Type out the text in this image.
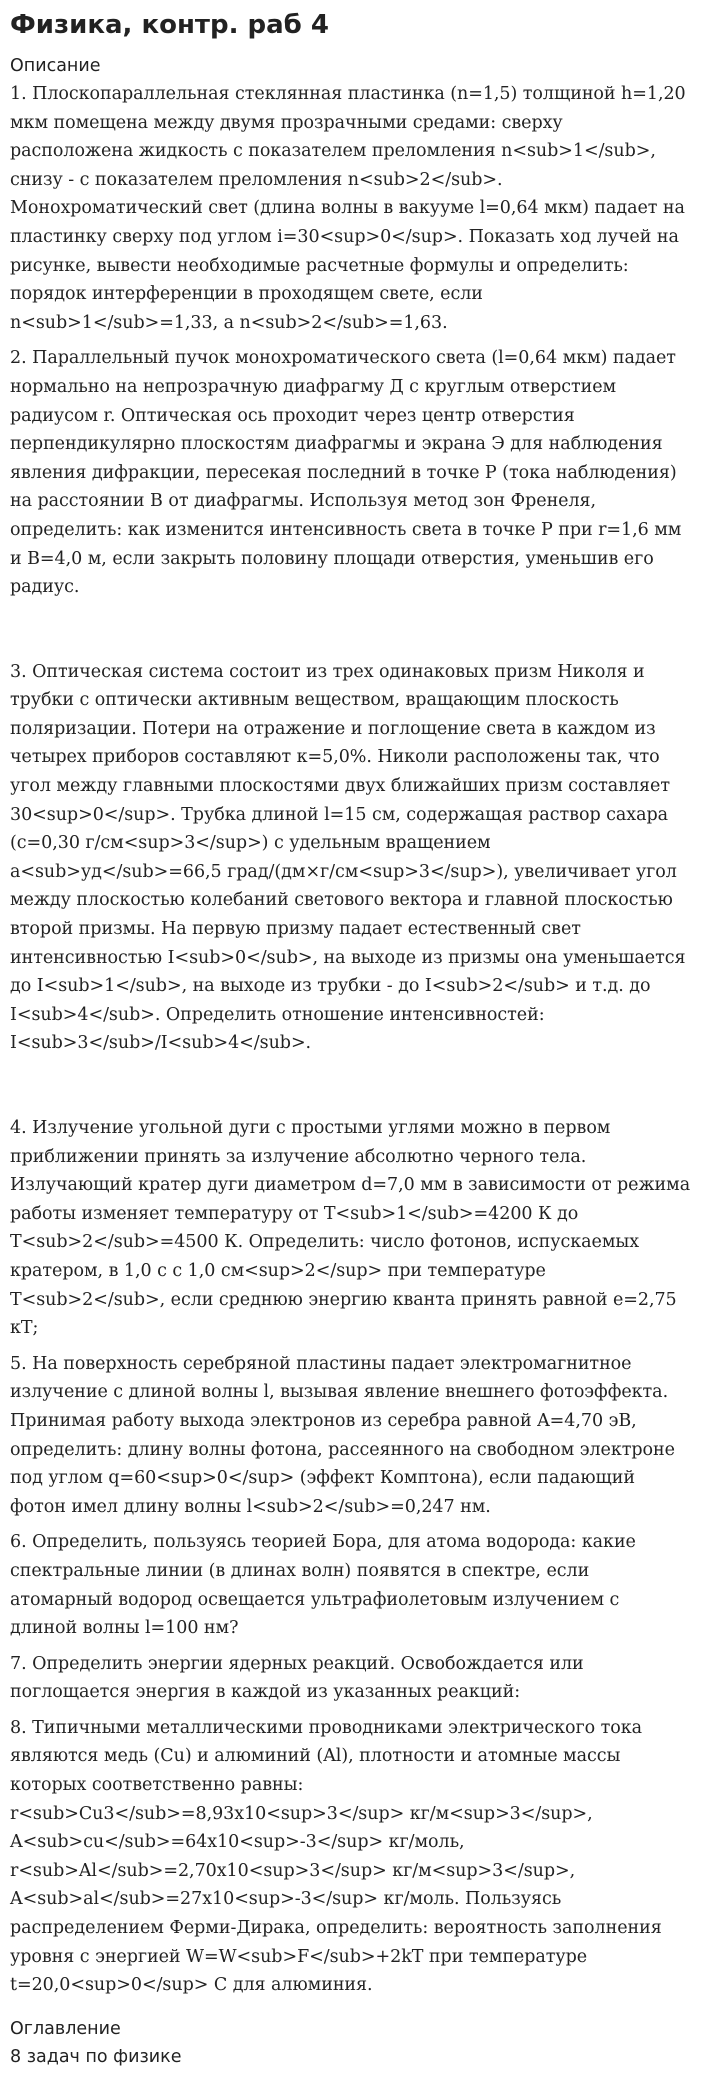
Физика, контр. раб 4

Описание

1. Плоскопараллельная стеклянная пластинка (n=1,5) толщиной h=1,20 мкм помещена между двумя прозрачными средами: сверху расположена жидкость с показателем преломления n<sub>1</sub>, снизу - с показателем преломления n<sub>2</sub>. Монохроматический свет (длина волны в вакууме l=0,64 мкм) падает на пластинку сверху под углом i=30<sup>0</sup>. Показать ход лучей на рисунке, вывести необходимые расчетные формулы и определить: порядок интерференции в проходящем свете, если n<sub>1</sub>=1,33, а n<sub>2</sub>=1,63.

2. Параллельный пучок монохроматического света (l=0,64 мкм) падает нормально на непрозрачную диафрагму Д с круглым отверстием радиусом r. Оптическая ось проходит через центр отверстия перпендикулярно плоскостям диафрагмы и экрана Э для наблюдения явления дифракции, пересекая последний в точке P (тока наблюдения) на расстоянии B от диафрагмы. Используя метод зон Френеля, определить: как изменится интенсивность света в точке P при r=1,6 мм и B=4,0 м, если закрыть половину площади отверстия, уменьшив его радиус.

3. Оптическая система состоит из трех одинаковых призм Николя и трубки с оптически активным веществом, вращающим плоскость поляризации. Потери на отражение и поглощение света в каждом из четырех приборов составляют к=5,0%. Николи расположены так, что угол между главными плоскостями двух ближайших призм составляет 30<sup>0</sup>. Трубка длиной l=15 см, содержащая раствор сахара (c=0,30 г/см<sup>3</sup>) с удельным вращением a<sub>уд</sub>=66,5 град/(дм×г/см<sup>3</sup>), увеличивает угол между плоскостью колебаний светового вектора и главной плоскостью второй призмы. На первую призму падает естественный свет интенсивностью I<sub>0</sub>, на выходе из призмы она уменьшается до I<sub>1</sub>, на выходе из трубки - до I<sub>2</sub> и т.д. до I<sub>4</sub>. Определить отношение интенсивностей: I<sub>3</sub>/I<sub>4</sub>.

4. Излучение угольной дуги с простыми углями можно в первом приближении принять за излучение абсолютно черного тела. Излучающий кратер дуги диаметром d=7,0 мм в зависимости от режима работы изменяет температуру от T<sub>1</sub>=4200 К до T<sub>2</sub>=4500 К. Определить: число фотонов, испускаемых кратером, в 1,0 с с 1,0 см<sup>2</sup> при температуре T<sub>2</sub>, если среднюю энергию кванта принять равной e=2,75 кТ;

5. На поверхность серебряной пластины падает электромагнитное излучение с длиной волны l, вызывая явление внешнего фотоэффекта. Принимая работу выхода электронов из серебра равной A=4,70 эВ, определить: длину волны фотона, рассеянного на свободном электроне под углом q=60<sup>0</sup> (эффект Комптона), если падающий фотон имел длину волны l<sub>2</sub>=0,247 нм.

6. Определить, пользуясь теорией Бора, для атома водорода: какие спектральные линии (в длинах волн) появятся в спектре, если атомарный водород освещается ультрафиолетовым излучением с длиной волны l=100 нм?

7. Определить энергии ядерных реакций. Освобождается или поглощается энергия в каждой из указанных реакций:

8. Типичными металлическими проводниками электрического тока являются медь (Cu) и алюминий (Al), плотности и атомные массы которых соответственно равны: r<sub>Cu3</sub>=8,93x10<sup>3</sup> кг/м<sup>3</sup>, A<sub>cu</sub>=64x10<sup>-3</sup> кг/моль, r<sub>Al</sub>=2,70x10<sup>3</sup> кг/м<sup>3</sup>, A<sub>al</sub>=27x10<sup>-3</sup> кг/моль. Пользуясь распределением Ферми-Дирака, определить: вероятность заполнения уровня с энергией W=W<sub>F</sub>+2kT при температуре t=20,0<sup>0</sup> С для алюминия.

Оглавление

8 задач по физике
